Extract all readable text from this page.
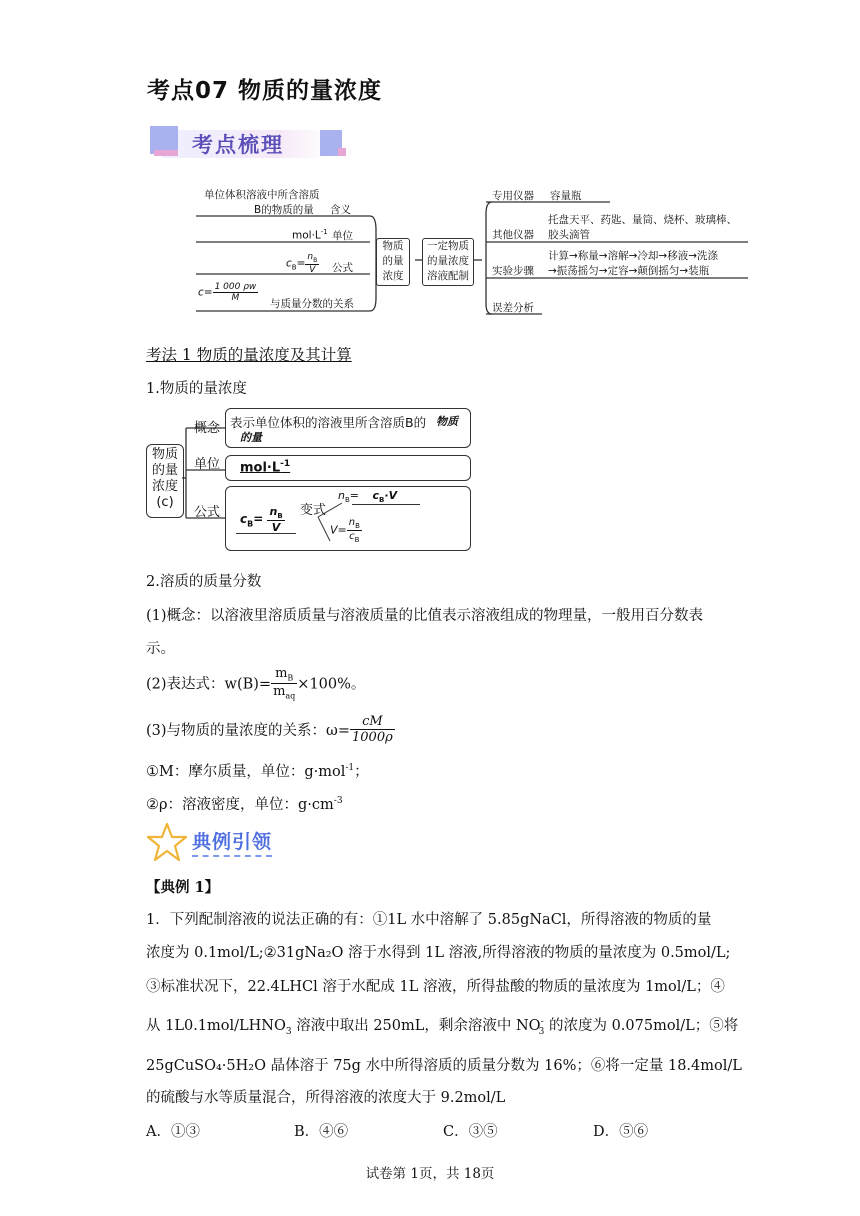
考点07 物质的量浓度
考点梳理
单位体积溶液中所含溶质
B的物质的量 含义
$mol\cdot L^{-1}$ 单位
$c_B= \frac{n_B}{V}$ 公式
$c= \frac{1 000 \rho w}{M}$
与质量分数的关系
物质
的量
浓度
一定物质
的量浓度
溶液配制
专用仪器 容量瓶
其他仪器
托盘天平、药匙、量筒、烧杯、玻璃棒、
胶头滴管
实验步骤
计算→称量→溶解→冷却→移液→洗涤
→振荡摇匀→定容→颠倒摇匀→装瓶
误差分析
考法 1 物质的量浓度及其计算
1.物质的量浓度
物质
的量
浓度
(c)
概念
单位
公式
表示单位体积的溶液里所含溶质B的 物质
的量
$mol\cdot L^{-1}$
$c_B= \frac{n_B}{V}$ 变式
$n_B= c_B\cdot V$
$V= \frac{n_B}{c_B}$
2.溶质的质量分数
(1)概念：以溶液里溶质质量与溶液质量的比值表示溶液组成的物理量，一般用百分数表
示。
(2)表达式：$w(B)= \frac{m_B}{m_{aq}} \times 100\%$。
(3)与物质的量浓度的关系：$\omega= \frac{cM}{1000\rho}$
①M：摩尔质量，单位：g·mol$^{-1}$；
②ρ：溶液密度，单位：$g\cdot cm^{-3}$
典例引领
【典例 1】
1．下列配制溶液的说法正确的有：①1L 水中溶解了 5.85gNaCl，所得溶液的物质的量
浓度为 0.1mol/L;②31gNa₂O 溶于水得到 1L 溶液,所得溶液的物质的量浓度为 0.5mol/L;
③标准状况下，22.4LHCl 溶于水配成 1L 溶液，所得盐酸的物质的量浓度为 1mol/L；④
从 $1L0.1mol/LHNO_3$ 溶液中取出 250mL，剩余溶液中 $NO^-_3$ 的浓度为 0.075mol/L；⑤将
25gCuSO₄·5H₂O 晶体溶于 75g 水中所得溶质的质量分数为 16%；⑥将一定量 18.4mol/L
的硫酸与水等质量混合，所得溶液的浓度大于 9.2mol/L
A．①③	B．④⑥	C．③⑤	D．⑤⑥
试卷第 1页，共 18页
